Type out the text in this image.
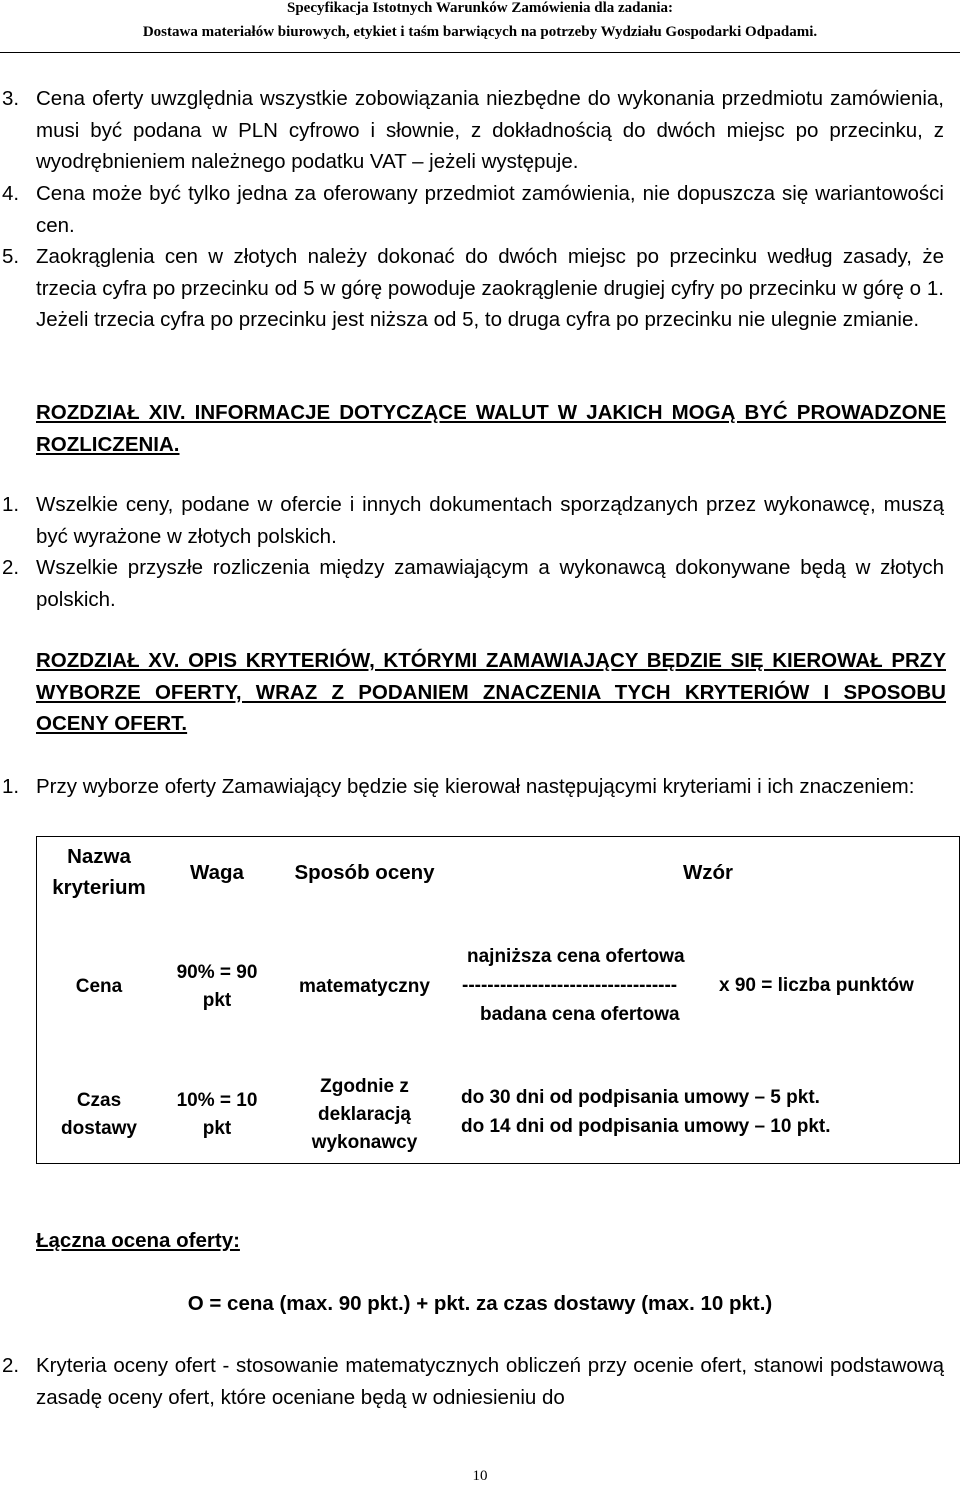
Specyfikacja Istotnych Warunków Zamówienia dla zadania:
Dostawa materiałów biurowych, etykiet i taśm barwiących na potrzeby Wydziału Gospodarki Odpadami.
3. Cena oferty uwzględnia wszystkie zobowiązania niezbędne do wykonania przedmiotu zamówienia, musi być podana w PLN cyfrowo i słownie, z dokładnością do dwóch miejsc po przecinku, z wyodrębnieniem należnego podatku VAT – jeżeli występuje.
4. Cena może być tylko jedna za oferowany przedmiot zamówienia, nie dopuszcza się wariantowości cen.
5. Zaokrąglenia cen w złotych należy dokonać do dwóch miejsc po przecinku według zasady, że trzecia cyfra po przecinku od 5 w górę powoduje zaokrąglenie drugiej cyfry po przecinku w górę o 1. Jeżeli trzecia cyfra po przecinku jest niższa od 5, to druga cyfra po przecinku nie ulegnie zmianie.
ROZDZIAŁ XIV. INFORMACJE DOTYCZĄCE WALUT W JAKICH MOGĄ BYĆ PROWADZONE ROZLICZENIA.
1. Wszelkie ceny, podane w ofercie i innych dokumentach sporządzanych przez wykonawcę, muszą być wyrażone w złotych polskich.
2. Wszelkie przyszłe rozliczenia między zamawiającym a wykonawcą dokonywane będą w złotych polskich.
ROZDZIAŁ XV. OPIS KRYTERIÓW, KTÓRYMI ZAMAWIAJĄCY BĘDZIE SIĘ KIEROWAŁ PRZY WYBORZE OFERTY, WRAZ Z PODANIEM ZNACZENIA TYCH KRYTERIÓW I SPOSOBU OCENY OFERT.
1. Przy wyborze oferty Zamawiający będzie się kierował następującymi kryteriami i ich znaczeniem:
Nazwa kryterium
Waga	Sposób oceny	Wzór
Cena
90% = 90 pkt
matematyczny
najniższa cena ofertowa
---------------------------------- x 90 = liczba punktów
badana cena ofertowa
Czas dostawy
10% = 10 pkt
Zgodnie z deklaracją wykonawcy
do 30 dni od podpisania umowy – 5 pkt.
do 14 dni od podpisania umowy – 10 pkt.
Łączna ocena oferty:
O = cena (max. 90 pkt.) + pkt. za czas dostawy (max. 10 pkt.)
2. Kryteria oceny ofert - stosowanie matematycznych obliczeń przy ocenie ofert, stanowi podstawową zasadę oceny ofert, które oceniane będą w odniesieniu do
10
